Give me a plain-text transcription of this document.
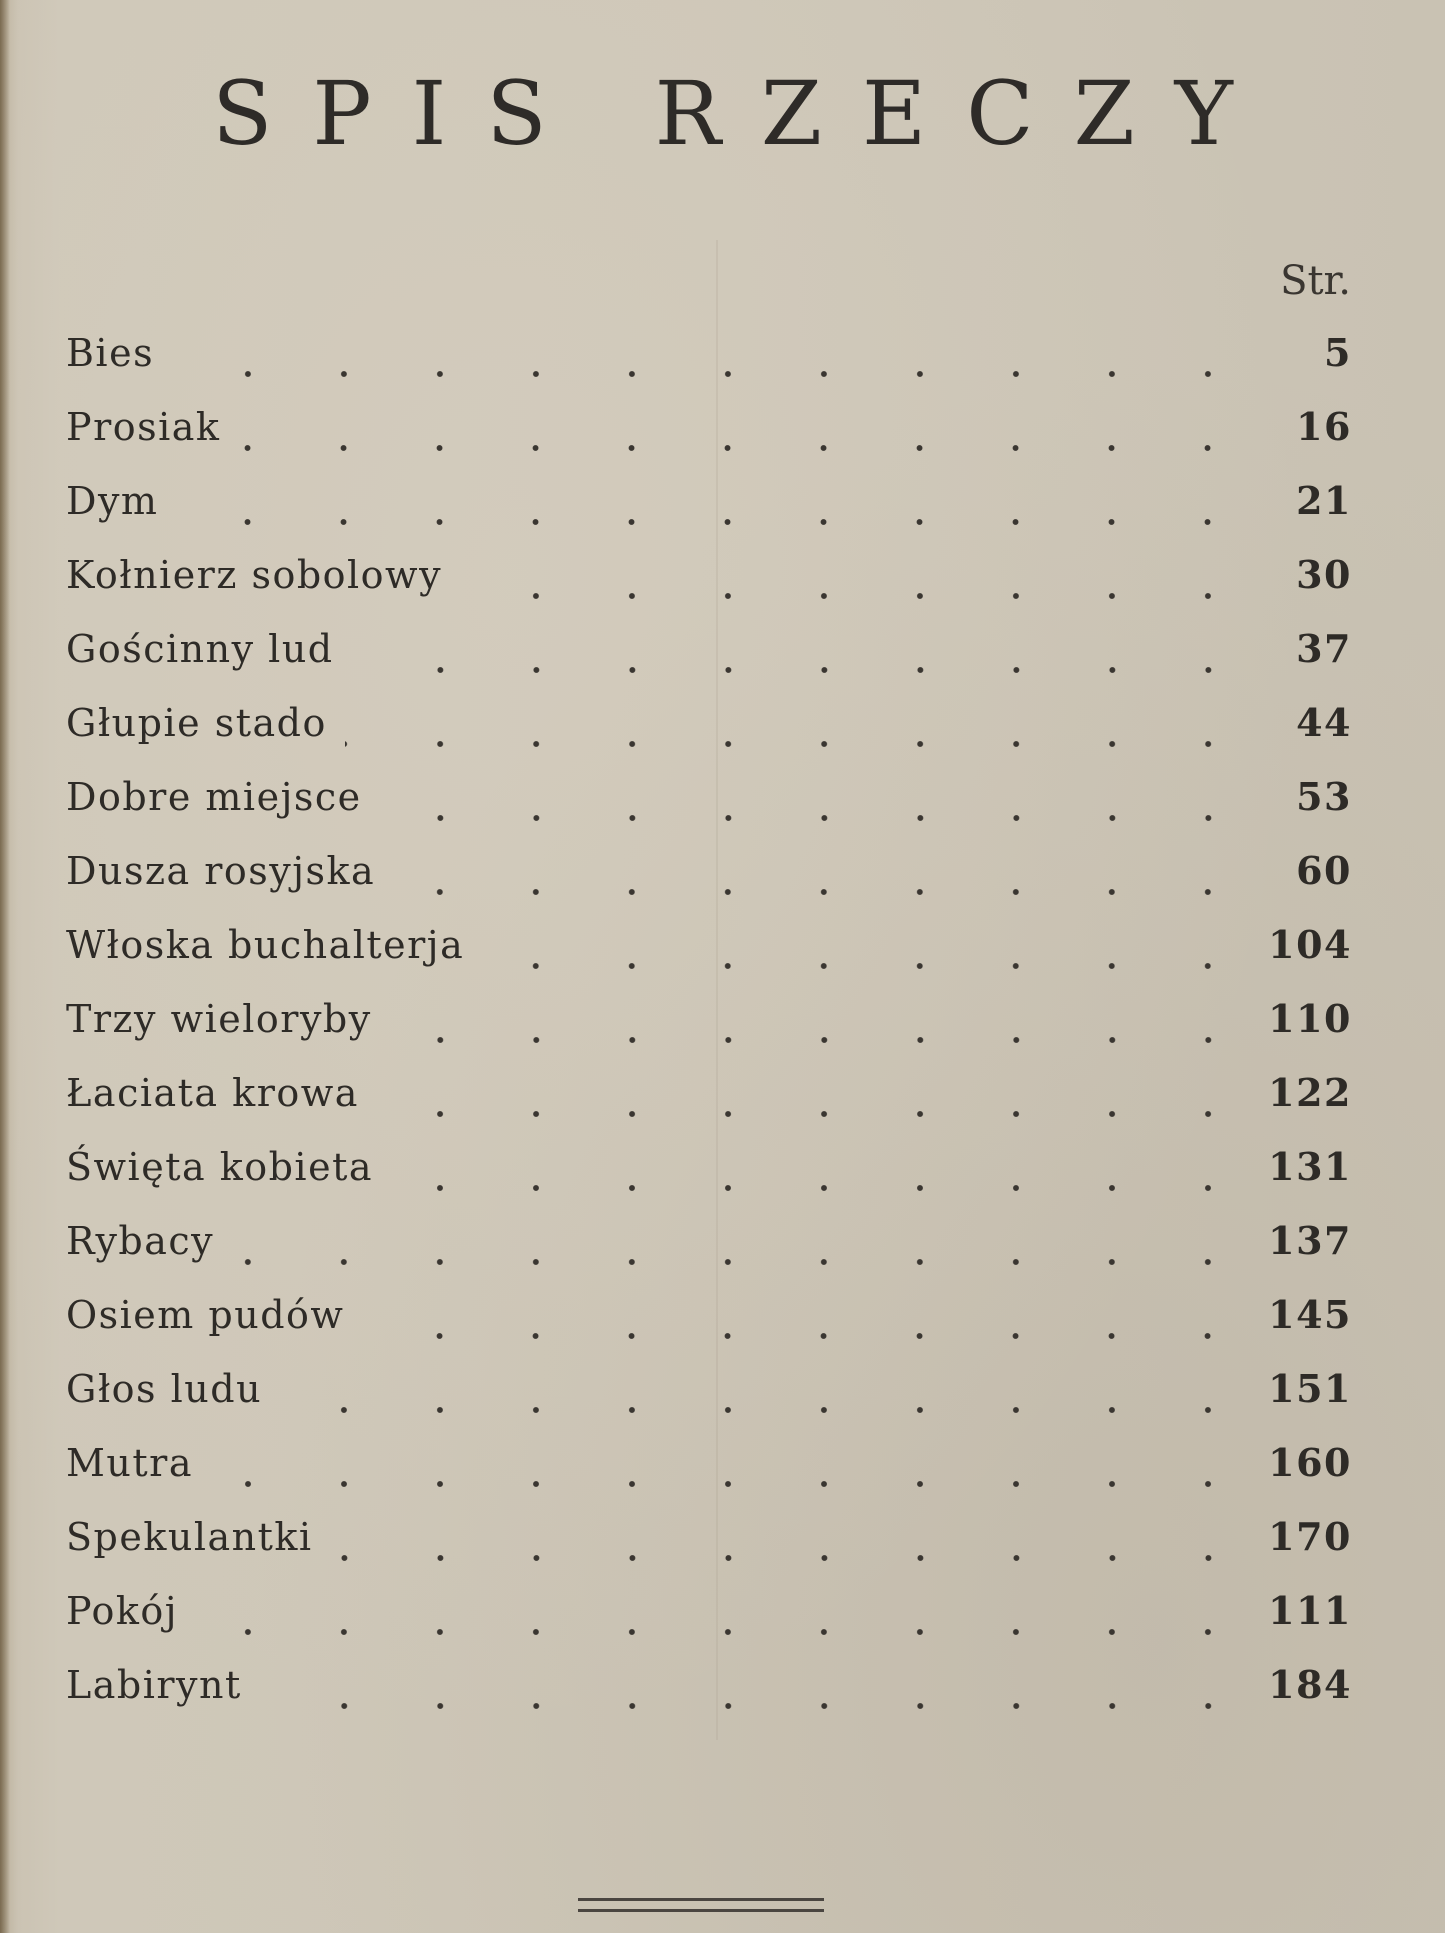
SPIS RZECZY
Str.
Bies	5
Prosiak	16
Dym	21
Kołnierz sobolowy	30
Gościnny lud	37
Głupie stado	44
Dobre miejsce	53
Dusza rosyjska	60
Włoska buchalterja	104
Trzy wieloryby	110
Łaciata krowa	122
Święta kobieta	131
Rybacy	137
Osiem pudów	145
Głos ludu	151
Mutra	160
Spekulantki	170
Pokój	111
Labirynt	184
